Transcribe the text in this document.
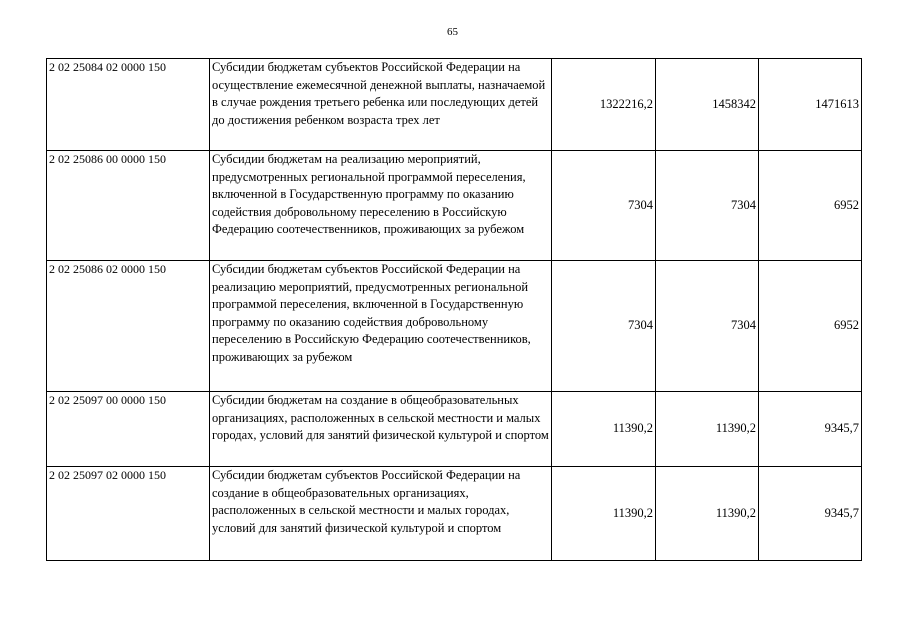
65
2 02 25084 02 0000 150	Субсидии бюджетам субъектов Российской Федерации на осуществление ежемесячной денежной выплаты, назначаемой в случае рождения третьего ребенка или последующих детей до достижения ребенком возраста трех лет	1322216,2	1458342	1471613
2 02 25086 00 0000 150	Субсидии бюджетам на реализацию мероприятий, предусмотренных региональной программой переселения, включенной в Государственную программу по оказанию содействия добровольному переселению в Российскую Федерацию соотечественников, проживающих за рубежом	7304	7304	6952
2 02 25086 02 0000 150	Субсидии бюджетам субъектов Российской Федерации на реализацию мероприятий, предусмотренных региональной программой переселения, включенной в Государственную программу по оказанию содействия добровольному переселению в Российскую Федерацию соотечественников, проживающих за рубежом	7304	7304	6952
2 02 25097 00 0000 150	Субсидии бюджетам на создание в общеобразовательных организациях, расположенных в сельской местности и малых городах, условий для занятий физической культурой и спортом	11390,2	11390,2	9345,7
2 02 25097 02 0000 150	Субсидии бюджетам субъектов Российской Федерации на создание в общеобразовательных организациях, расположенных в сельской местности и малых городах, условий для занятий физической культурой и спортом	11390,2	11390,2	9345,7
